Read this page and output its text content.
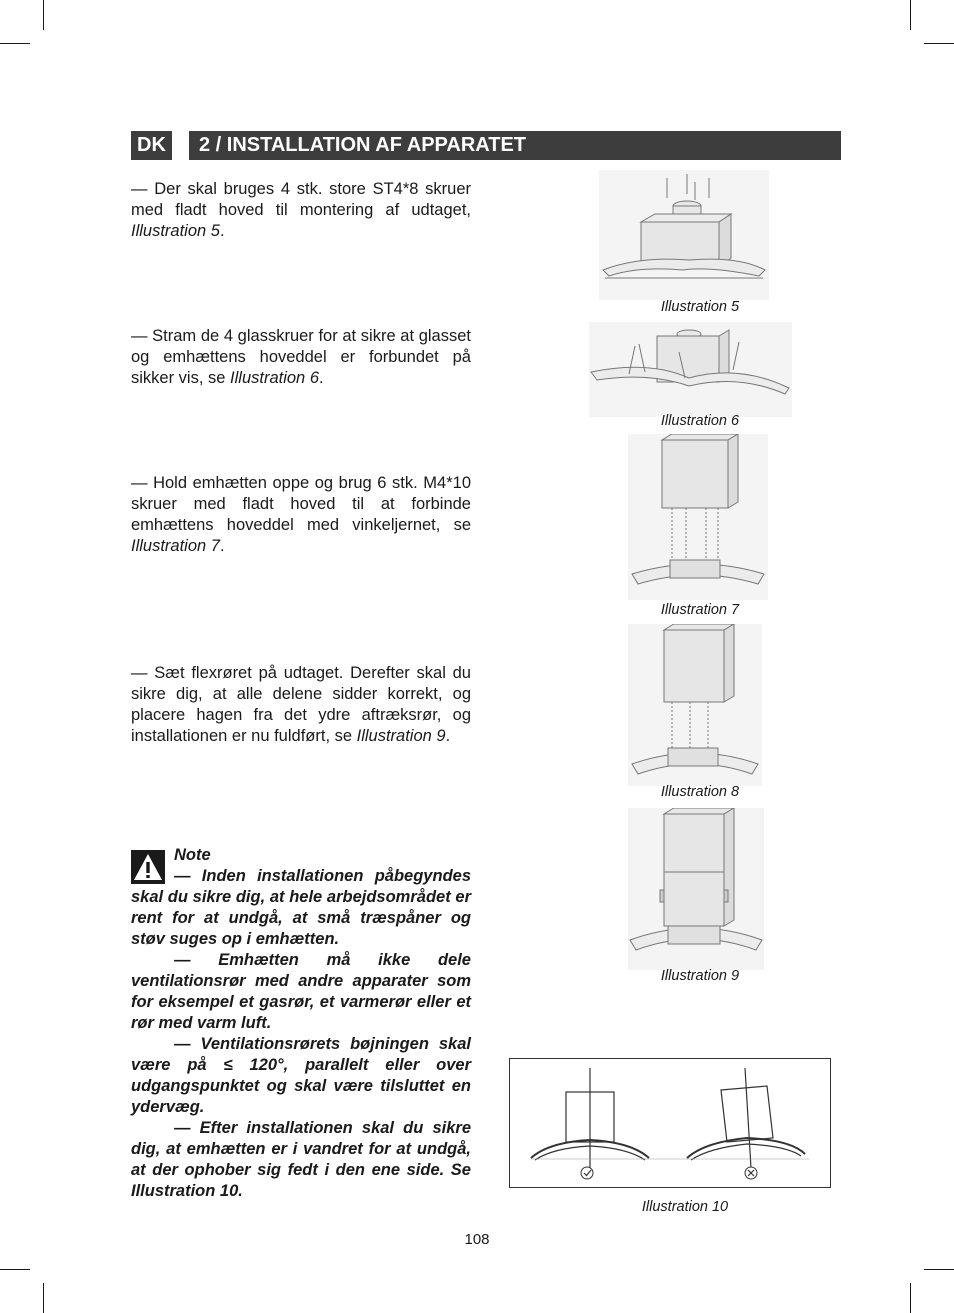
DK	2 / INSTALLATION AF APPARATET
— Der skal bruges 4 stk. store ST4*8 skruer med fladt hoved til montering af udtaget, Illustration 5.
— Stram de 4 glasskruer for at sikre at glasset og emhættens hoveddel er forbundet på sikker vis, se Illustration 6.
— Hold emhætten oppe og brug 6 stk. M4*10 skruer med fladt hoved til at forbinde emhættens hoveddel med vinkeljernet, se Illustration 7.
— Sæt flexrøret på udtaget. Derefter skal du sikre dig, at alle delene sidder korrekt, og placere hagen fra det ydre aftræksrør, og installationen er nu fuldført, se Illustration 9.
Note

— Inden installationen påbegyndes skal du sikre dig, at hele arbejdsområdet er rent for at undgå, at små træspåner og støv suges op i emhætten.

— Emhætten må ikke dele ventilationsrør med andre apparater som for eksempel et gasrør, et varmerør eller et rør med varm luft.

— Ventilationsrørets bøjningen skal være på ≤ 120°, parallelt eller over udgangspunktet og skal være tilsluttet en ydervæg.

— Efter installationen skal du sikre dig, at emhætten er i vandret for at undgå, at der ophober sig fedt i den ene side. Se Illustration 10.

Illustration 5
Illustration 6
Illustration 7
Illustration 8
Illustration 9
Illustration 10
108
